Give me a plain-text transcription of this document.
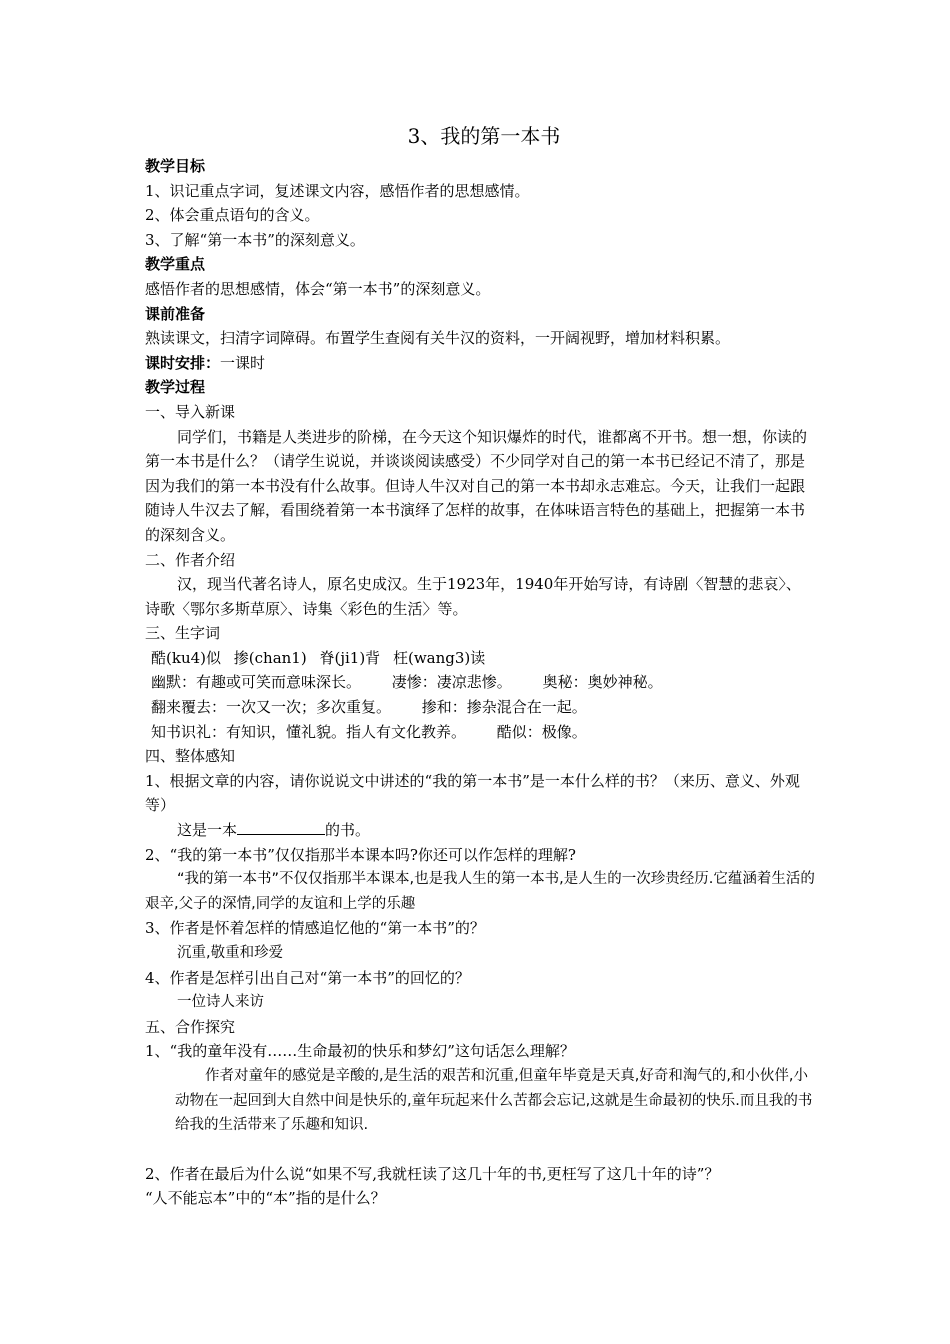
3、我的第一本书
教学目标
1、识记重点字词，复述课文内容，感悟作者的思想感情。
2、体会重点语句的含义。
3、了解“第一本书”的深刻意义。
教学重点
感悟作者的思想感情，体会“第一本书”的深刻意义。
课前准备
熟读课文，扫清字词障碍。布置学生查阅有关牛汉的资料，一开阔视野，增加材料积累。
课时安排：一课时
教学过程
一、导入新课
同学们，书籍是人类进步的阶梯，在今天这个知识爆炸的时代，谁都离不开书。想一想，你读的第一本书是什么？（请学生说说，并谈谈阅读感受）不少同学对自己的第一本书已经记不清了，那是因为我们的第一本书没有什么故事。但诗人牛汉对自己的第一本书却永志难忘。今天，让我们一起跟随诗人牛汉去了解，看围绕着第一本书演绎了怎样的故事，在体味语言特色的基础上，把握第一本书的深刻含义。
二、作者介绍
汉，现当代著名诗人，原名史成汉。生于1923年，1940年开始写诗，有诗剧〈智慧的悲哀〉、诗歌〈鄂尔多斯草原〉、诗集〈彩色的生活〉等。
三、生字词
酷(ku4)似 掺(chan1) 脊(ji1)背 枉(wang3)读
幽默：有趣或可笑而意味深长。 凄惨：凄凉悲惨。 奥秘：奥妙神秘。
翻来覆去：一次又一次；多次重复。 掺和：掺杂混合在一起。
知书识礼：有知识，懂礼貌。指人有文化教养。 酷似：极像。
四、整体感知
1、根据文章的内容，请你说说文中讲述的“我的第一本书”是一本什么样的书？（来历、意义、外观等）
这是一本	的书。
2、“我的第一本书”仅仅指那半本课本吗?你还可以作怎样的理解?
“我的第一本书”不仅仅指那半本课本,也是我人生的第一本书,是人生的一次珍贵经历.它蕴涵着生活的艰辛,父子的深情,同学的友谊和上学的乐趣
3、作者是怀着怎样的情感追忆他的“第一本书”的？
沉重,敬重和珍爱
4、作者是怎样引出自己对“第一本书”的回忆的？
一位诗人来访
五、合作探究
1、“我的童年没有……生命最初的快乐和梦幻”这句话怎么理解？
作者对童年的感觉是辛酸的,是生活的艰苦和沉重,但童年毕竟是天真,好奇和淘气的,和小伙伴,小动物在一起回到大自然中间是快乐的,童年玩起来什么苦都会忘记,这就是生命最初的快乐.而且我的书给我的生活带来了乐趣和知识.
2、作者在最后为什么说“如果不写,我就枉读了这几十年的书,更枉写了这几十年的诗”？
“人不能忘本”中的“本”指的是什么？
